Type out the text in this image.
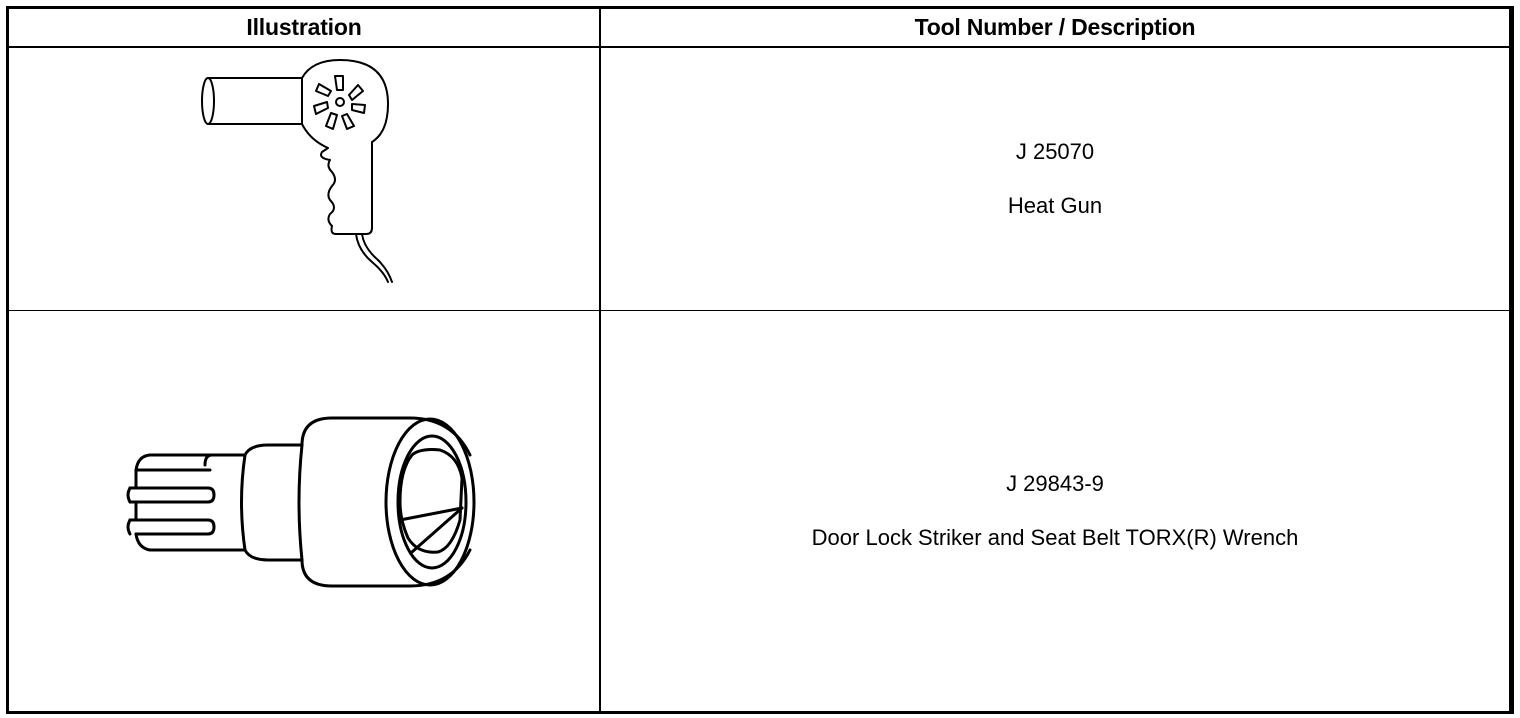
Illustration	Tool Number / Description
J 25070
Heat Gun
J 29843-9
Door Lock Striker and Seat Belt TORX(R) Wrench
